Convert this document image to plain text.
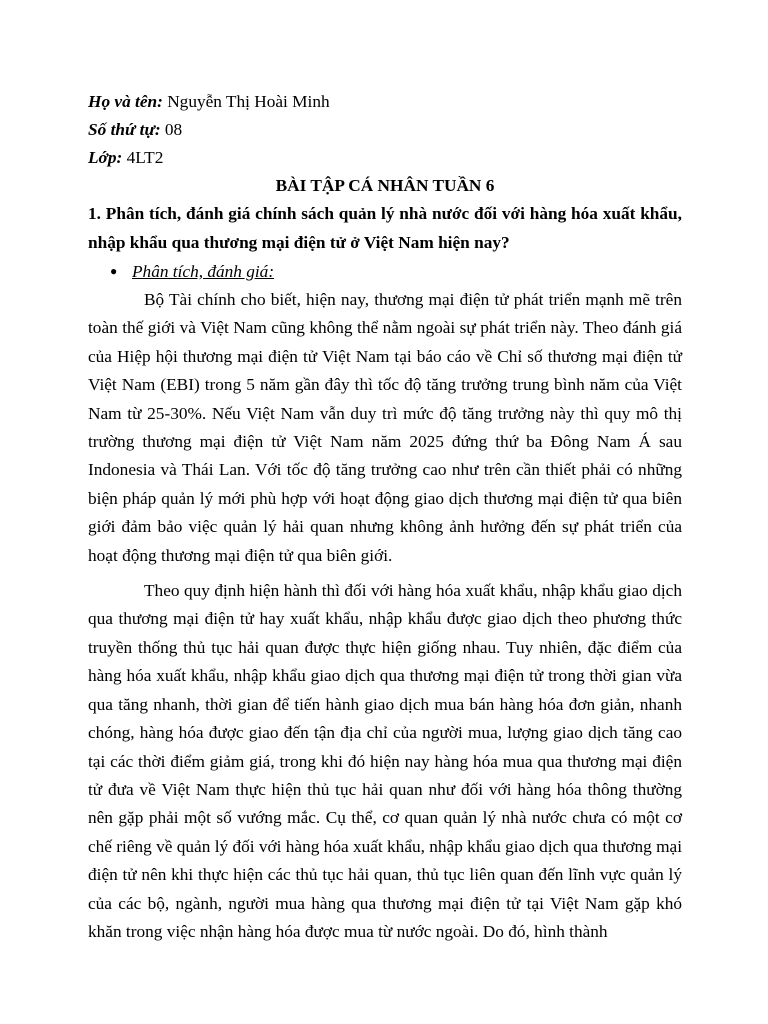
Họ và tên: Nguyễn Thị Hoài Minh
Số thứ tự: 08
Lớp: 4LT2
BÀI TẬP CÁ NHÂN TUẦN 6

1. Phân tích, đánh giá chính sách quản lý nhà nước đối với hàng hóa xuất khẩu, nhập khẩu qua thương mại điện tử ở Việt Nam hiện nay?

● Phân tích, đánh giá:

Bộ Tài chính cho biết, hiện nay, thương mại điện tử phát triển mạnh mẽ trên toàn thế giới và Việt Nam cũng không thể nằm ngoài sự phát triển này. Theo đánh giá của Hiệp hội thương mại điện tử Việt Nam tại báo cáo về Chỉ số thương mại điện tử Việt Nam (EBI) trong 5 năm gần đây thì tốc độ tăng trưởng trung bình năm của Việt Nam từ 25-30%. Nếu Việt Nam vẫn duy trì mức độ tăng trưởng này thì quy mô thị trường thương mại điện tử Việt Nam năm 2025 đứng thứ ba Đông Nam Á sau Indonesia và Thái Lan. Với tốc độ tăng trưởng cao như trên cần thiết phải có những biện pháp quản lý mới phù hợp với hoạt động giao dịch thương mại điện tử qua biên giới đảm bảo việc quản lý hải quan nhưng không ảnh hưởng đến sự phát triển của hoạt động thương mại điện tử qua biên giới.

Theo quy định hiện hành thì đối với hàng hóa xuất khẩu, nhập khẩu giao dịch qua thương mại điện tử hay xuất khẩu, nhập khẩu được giao dịch theo phương thức truyền thống thủ tục hải quan được thực hiện giống nhau. Tuy nhiên, đặc điểm của hàng hóa xuất khẩu, nhập khẩu giao dịch qua thương mại điện tử trong thời gian vừa qua tăng nhanh, thời gian để tiến hành giao dịch mua bán hàng hóa đơn giản, nhanh chóng, hàng hóa được giao đến tận địa chỉ của người mua, lượng giao dịch tăng cao tại các thời điểm giảm giá, trong khi đó hiện nay hàng hóa mua qua thương mại điện tử đưa về Việt Nam thực hiện thủ tục hải quan như đối với hàng hóa thông thường nên gặp phải một số vướng mắc. Cụ thể, cơ quan quản lý nhà nước chưa có một cơ chế riêng về quản lý đối với hàng hóa xuất khẩu, nhập khẩu giao dịch qua thương mại điện tử nên khi thực hiện các thủ tục hải quan, thủ tục liên quan đến lĩnh vực quản lý của các bộ, ngành, người mua hàng qua thương mại điện tử tại Việt Nam gặp khó khăn trong việc nhận hàng hóa được mua từ nước ngoài. Do đó, hình thành
